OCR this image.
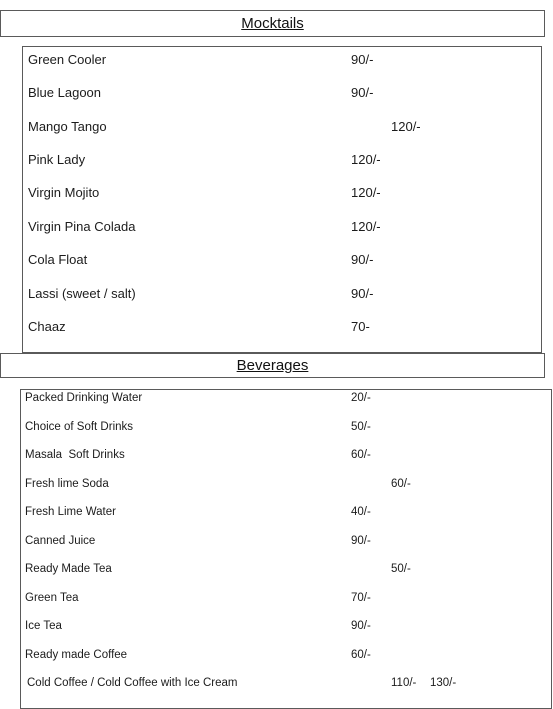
Mocktails
Beverages
Green Cooler	90/-
Blue Lagoon	90/-
Mango Tango	120/-
Pink Lady	120/-
Virgin Mojito	120/-
Virgin Pina Colada	120/-
Cola Float	90/-
Lassi (sweet / salt)	90/-
Chaaz	70-
Packed Drinking Water	20/-
Choice of Soft Drinks	50/-
Masala  Soft Drinks	60/-
Fresh lime Soda	60/-
Fresh Lime Water	40/-
Canned Juice	90/-
Ready Made Tea	50/-
Green Tea	70/-
Ice Tea	90/-
Ready made Coffee	60/-
Cold Coffee / Cold Coffee with Ice Cream	110/- 130/-
